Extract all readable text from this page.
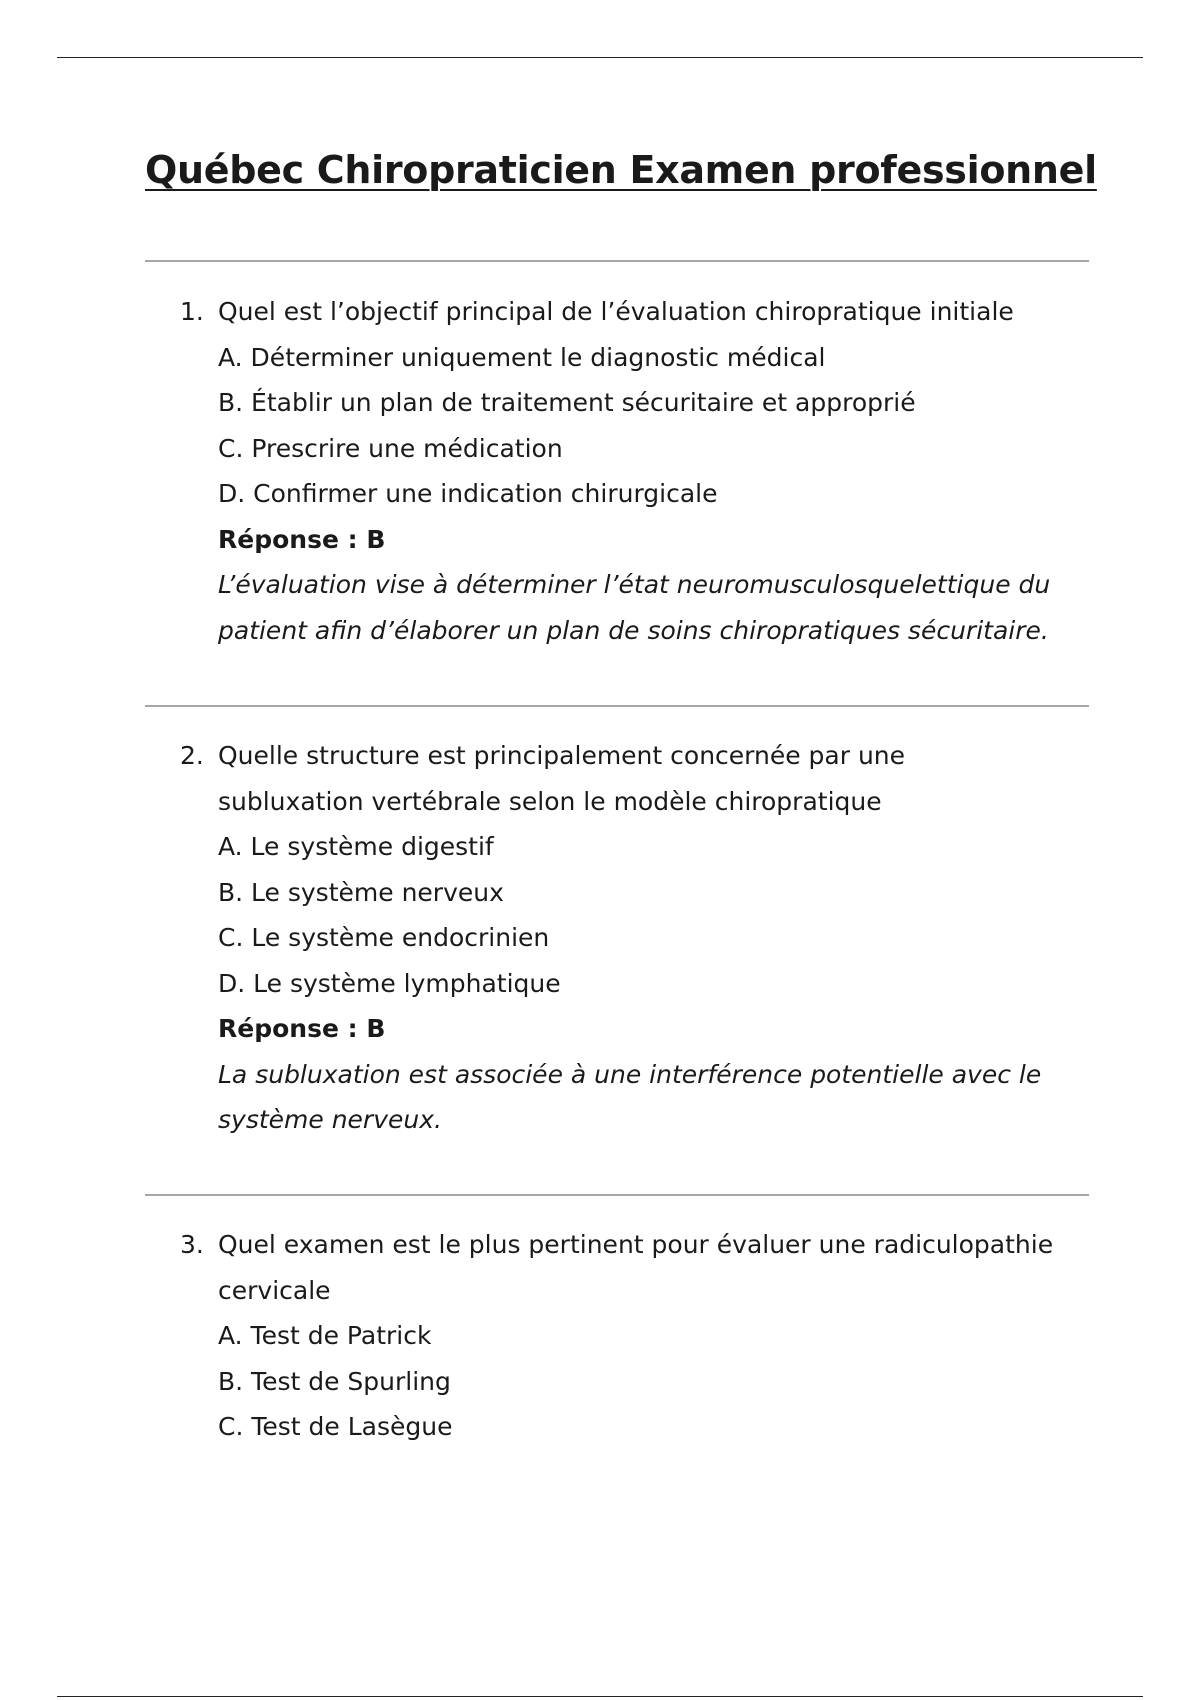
Québec Chiropraticien Examen professionnel
1. Quel est l’objectif principal de l’évaluation chiropratique initiale
A. Déterminer uniquement le diagnostic médical
B. Établir un plan de traitement sécuritaire et approprié
C. Prescrire une médication
D. Confirmer une indication chirurgicale
Réponse : B
L’évaluation vise à déterminer l’état neuromusculosquelettique du
patient afin d’élaborer un plan de soins chiropratiques sécuritaire.
2. Quelle structure est principalement concernée par une
subluxation vertébrale selon le modèle chiropratique
A. Le système digestif
B. Le système nerveux
C. Le système endocrinien
D. Le système lymphatique
Réponse : B
La subluxation est associée à une interférence potentielle avec le
système nerveux.
3. Quel examen est le plus pertinent pour évaluer une radiculopathie
cervicale
A. Test de Patrick
B. Test de Spurling
C. Test de Lasègue
